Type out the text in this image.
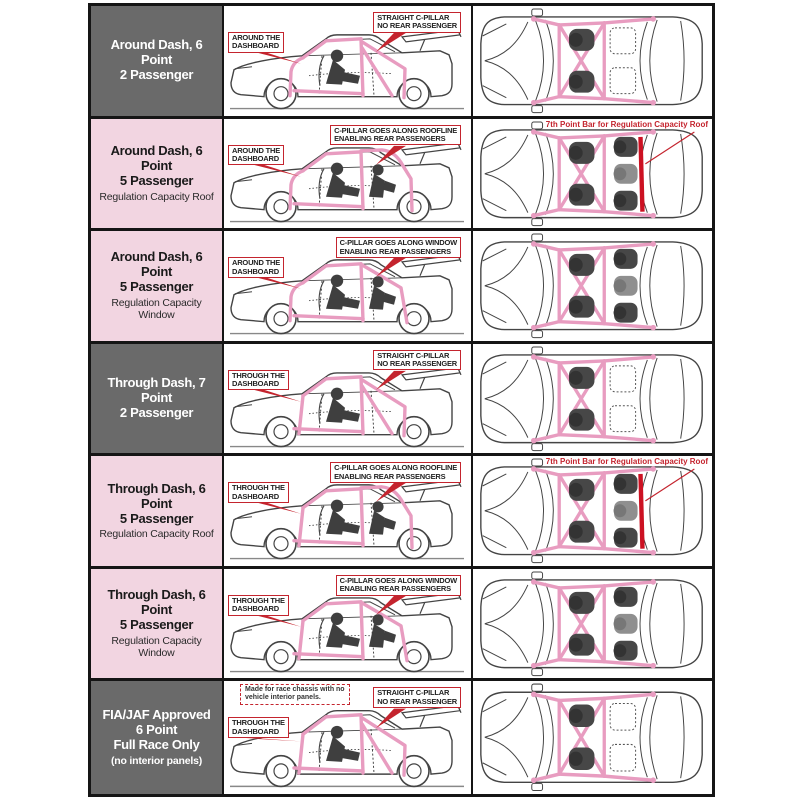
Around Dash, 6 Point
2 Passenger
AROUND THE
DASHBOARD
STRAIGHT C-PILLAR
NO REAR PASSENGER
Around Dash, 6 Point
5 Passenger
Regulation Capacity Roof
AROUND THE
DASHBOARD
C-PILLAR GOES ALONG ROOFLINE
ENABLING REAR PASSENGERS
7th Point Bar for Regulation Capacity Roof
Around Dash, 6 Point
5 Passenger
Regulation Capacity Window
AROUND THE
DASHBOARD
C-PILLAR GOES ALONG WINDOW
ENABLING REAR PASSENGERS
Through Dash, 7 Point
2 Passenger
THROUGH THE
DASHBOARD
STRAIGHT C-PILLAR
NO REAR PASSENGER
Through Dash, 6 Point
5 Passenger
Regulation Capacity Roof
THROUGH THE
DASHBOARD
C-PILLAR GOES ALONG ROOFLINE
ENABLING REAR PASSENGERS
7th Point Bar for Regulation Capacity Roof
Through Dash, 6 Point
5 Passenger
Regulation Capacity Window
THROUGH THE
DASHBOARD
C-PILLAR GOES ALONG WINDOW
ENABLING REAR PASSENGERS
FIA/JAF Approved
6 Point
Full Race Only
(no interior panels)
THROUGH THE
DASHBOARD
STRAIGHT C-PILLAR
NO REAR PASSENGER
Made for race chassis with no
vehicle interior panels.
